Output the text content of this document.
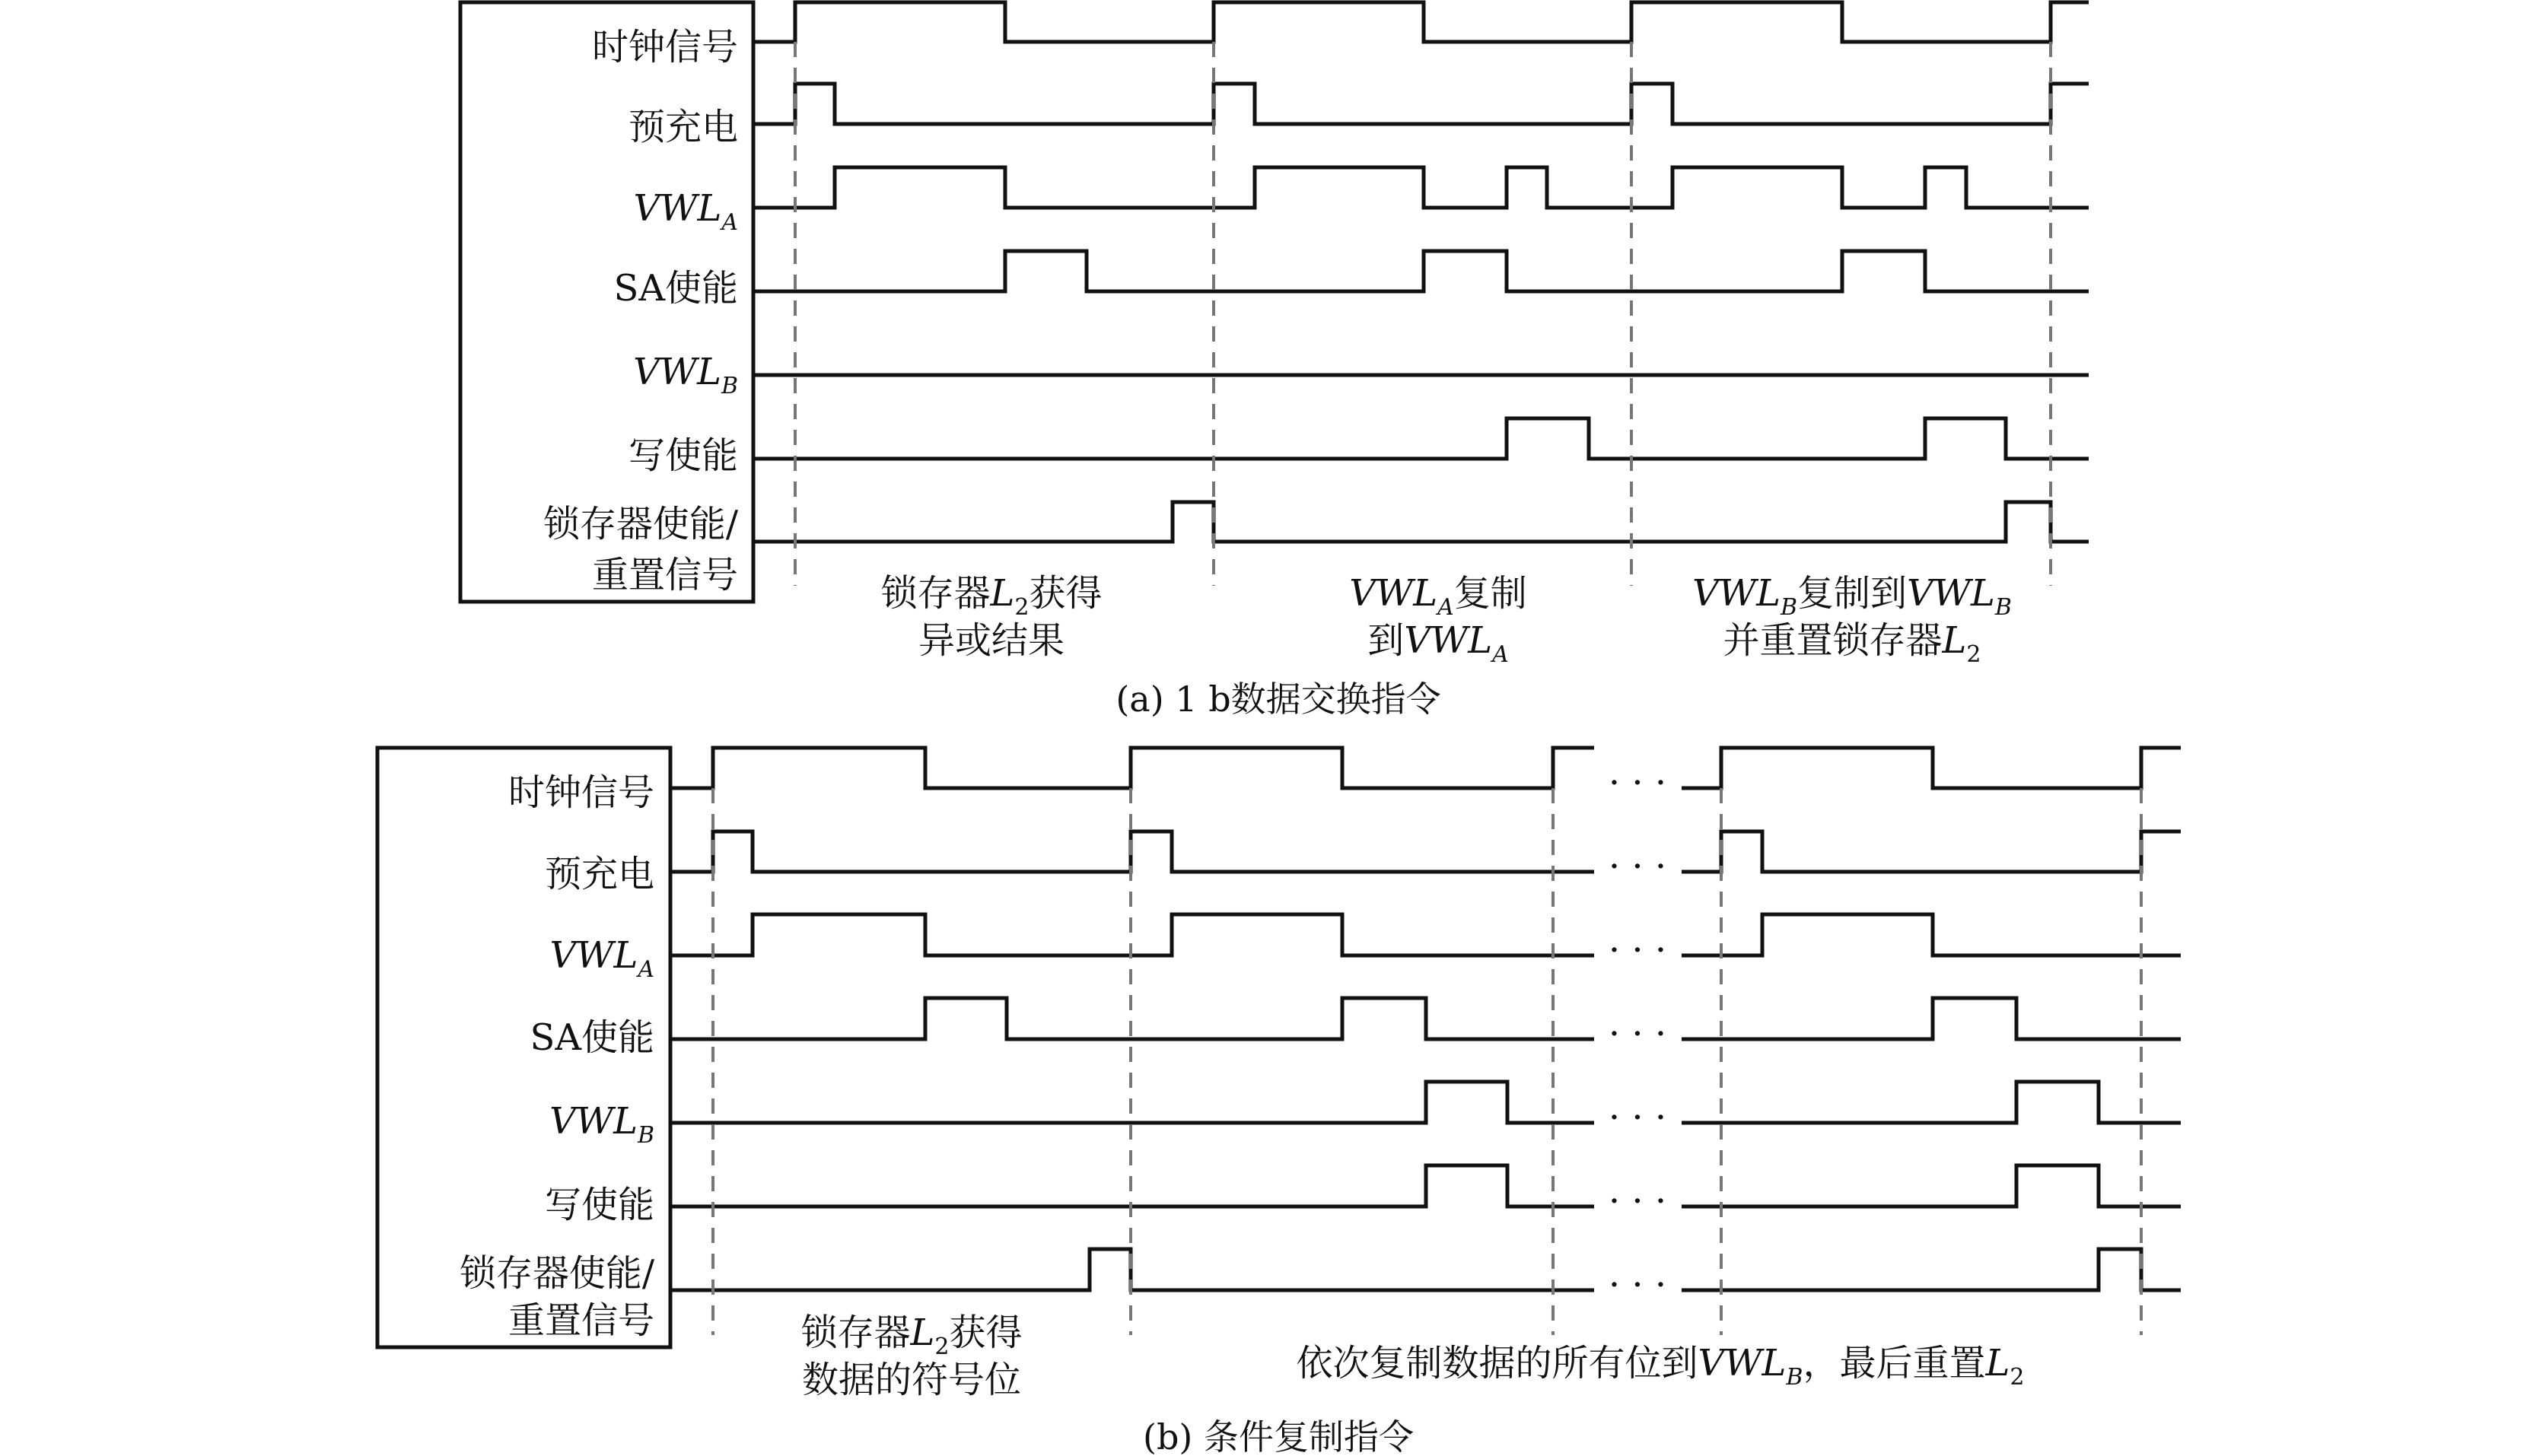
时钟信号
预充电
$VWL_A$
SA使能
$VWL_B$
写使能
锁存器使能/
重置信号	锁存器$L_2$获得
异或结果
$VWL_A$复制
到$VWL_A$
$VWL_B$复制到$VWL_B$
并重置锁存器$L_2$
(a) 1 b数据交换指令
时钟信号
预充电
$VWL_A$
SA使能
$VWL_B$
写使能
锁存器使能/
重置信号
· · ·
· · ·
· · ·
· · ·
· · ·
· · ·
· · ·
锁存器$L_2$获得
数据的符号位	依次复制数据的所有位到$VWL_B$，最后重置$L_2$
(b) 条件复制指令
